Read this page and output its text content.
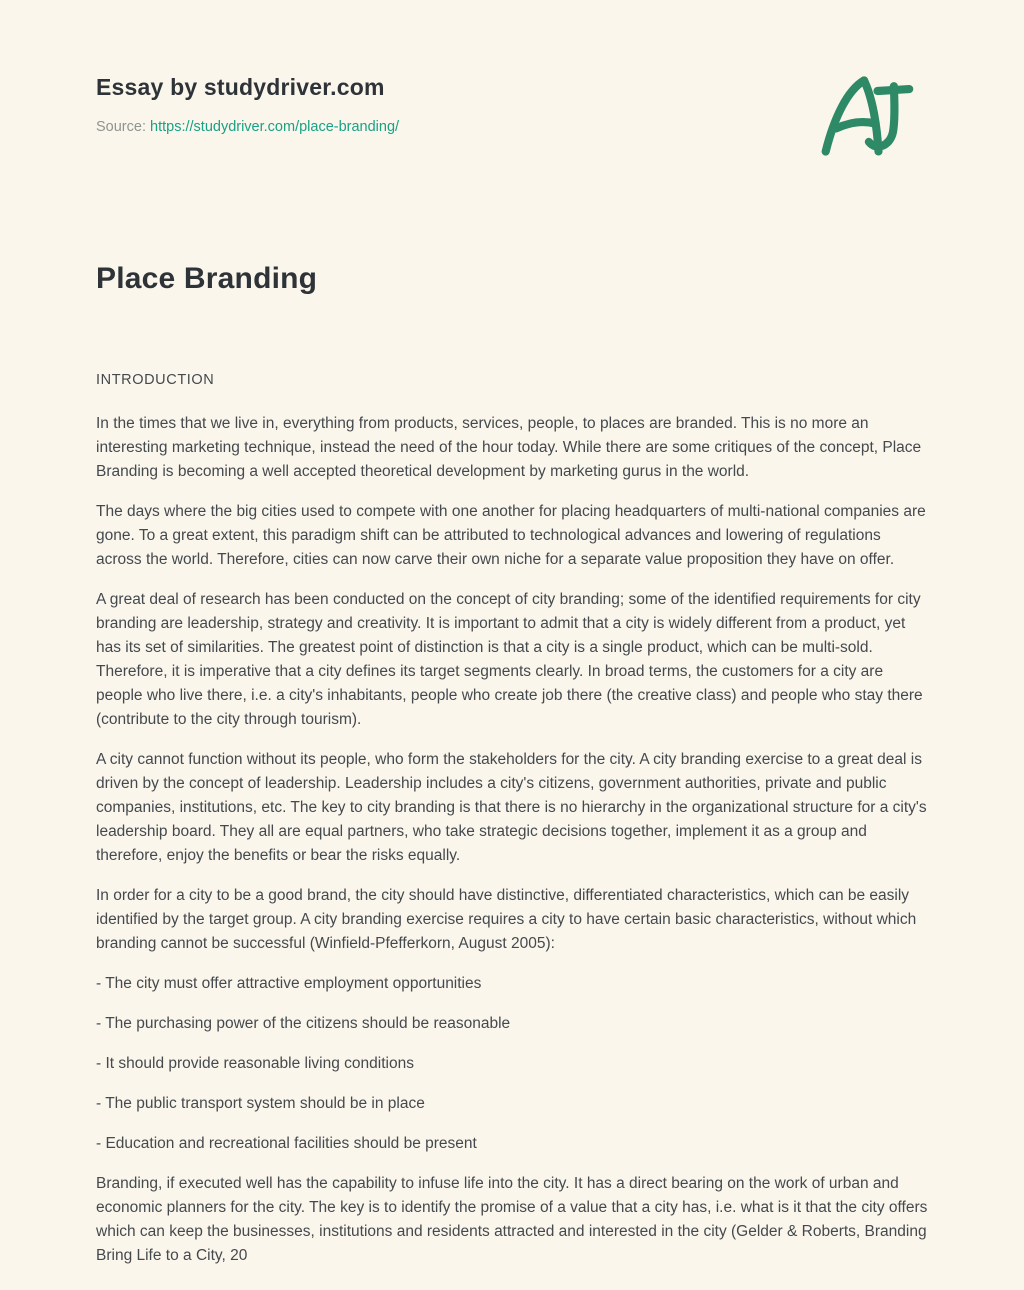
Essay by studydriver.com

Source: https://studydriver.com/place-branding/

Place Branding
INTRODUCTION

In the times that we live in, everything from products, services, people, to places are branded. This is no more an interesting marketing technique, instead the need of the hour today. While there are some critiques of the concept, Place Branding is becoming a well accepted theoretical development by marketing gurus in the world.

The days where the big cities used to compete with one another for placing headquarters of multi-national companies are gone. To a great extent, this paradigm shift can be attributed to technological advances and lowering of regulations across the world. Therefore, cities can now carve their own niche for a separate value proposition they have on offer.

A great deal of research has been conducted on the concept of city branding; some of the identified requirements for city branding are leadership, strategy and creativity. It is important to admit that a city is widely different from a product, yet has its set of similarities. The greatest point of distinction is that a city is a single product, which can be multi-sold. Therefore, it is imperative that a city defines its target segments clearly. In broad terms, the customers for a city are people who live there, i.e. a city's inhabitants, people who create job there (the creative class) and people who stay there (contribute to the city through tourism).

A city cannot function without its people, who form the stakeholders for the city. A city branding exercise to a great deal is driven by the concept of leadership. Leadership includes a city's citizens, government authorities, private and public companies, institutions, etc. The key to city branding is that there is no hierarchy in the organizational structure for a city's leadership board. They all are equal partners, who take strategic decisions together, implement it as a group and therefore, enjoy the benefits or bear the risks equally.

In order for a city to be a good brand, the city should have distinctive, differentiated characteristics, which can be easily identified by the target group. A city branding exercise requires a city to have certain basic characteristics, without which branding cannot be successful (Winfield-Pfefferkorn, August 2005):

- The city must offer attractive employment opportunities

- The purchasing power of the citizens should be reasonable

- It should provide reasonable living conditions

- The public transport system should be in place

- Education and recreational facilities should be present

Branding, if executed well has the capability to infuse life into the city. It has a direct bearing on the work of urban and economic planners for the city. The key is to identify the promise of a value that a city has, i.e. what is it that the city offers which can keep the businesses, institutions and residents attracted and interested in the city (Gelder & Roberts, Branding Bring Life to a City, 20
